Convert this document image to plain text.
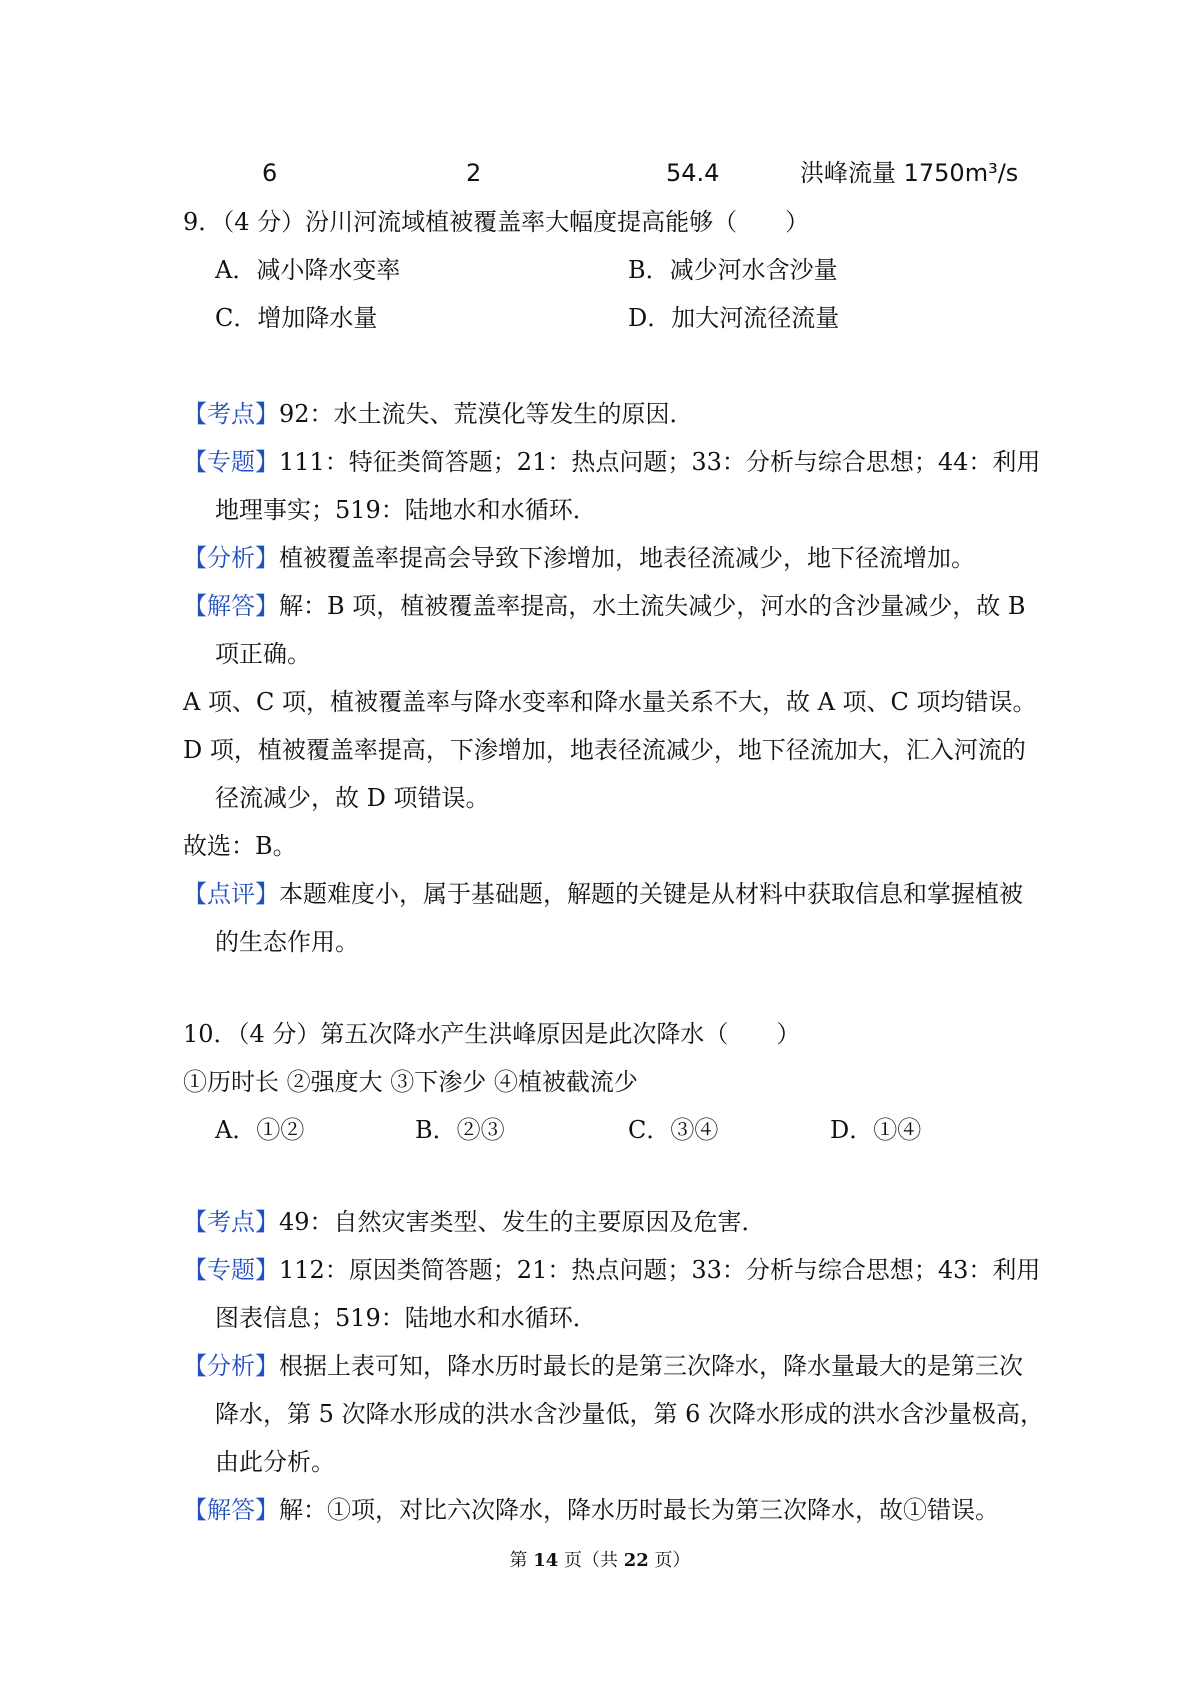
6	2	54.4	洪峰流量 1750m³/s
9．（4 分）汾川河流域植被覆盖率大幅度提高能够（　　）
A．减小降水变率	B．减少河水含沙量
C．增加降水量	D．加大河流径流量
【考点】92：水土流失、荒漠化等发生的原因．
【专题】111：特征类简答题；21：热点问题；33：分析与综合思想；44：利用
地理事实；519：陆地水和水循环．
【分析】植被覆盖率提高会导致下渗增加，地表径流减少，地下径流增加。
【解答】解：B 项，植被覆盖率提高，水土流失减少，河水的含沙量减少，故 B
项正确。
A 项、C 项，植被覆盖率与降水变率和降水量关系不大，故 A 项、C 项均错误。
D 项，植被覆盖率提高，下渗增加，地表径流减少，地下径流加大，汇入河流的
径流减少，故 D 项错误。
故选：B。
【点评】本题难度小，属于基础题，解题的关键是从材料中获取信息和掌握植被
的生态作用。
10．（4 分）第五次降水产生洪峰原因是此次降水（　　）
①历时长 ②强度大 ③下渗少 ④植被截流少
A．①②	B．②③	C．③④	D．①④
【考点】49：自然灾害类型、发生的主要原因及危害．
【专题】112：原因类简答题；21：热点问题；33：分析与综合思想；43：利用
图表信息；519：陆地水和水循环．
【分析】根据上表可知，降水历时最长的是第三次降水，降水量最大的是第三次
降水，第 5 次降水形成的洪水含沙量低，第 6 次降水形成的洪水含沙量极高，
由此分析。
【解答】解：①项，对比六次降水，降水历时最长为第三次降水，故①错误。
第 14 页（共 22 页）
